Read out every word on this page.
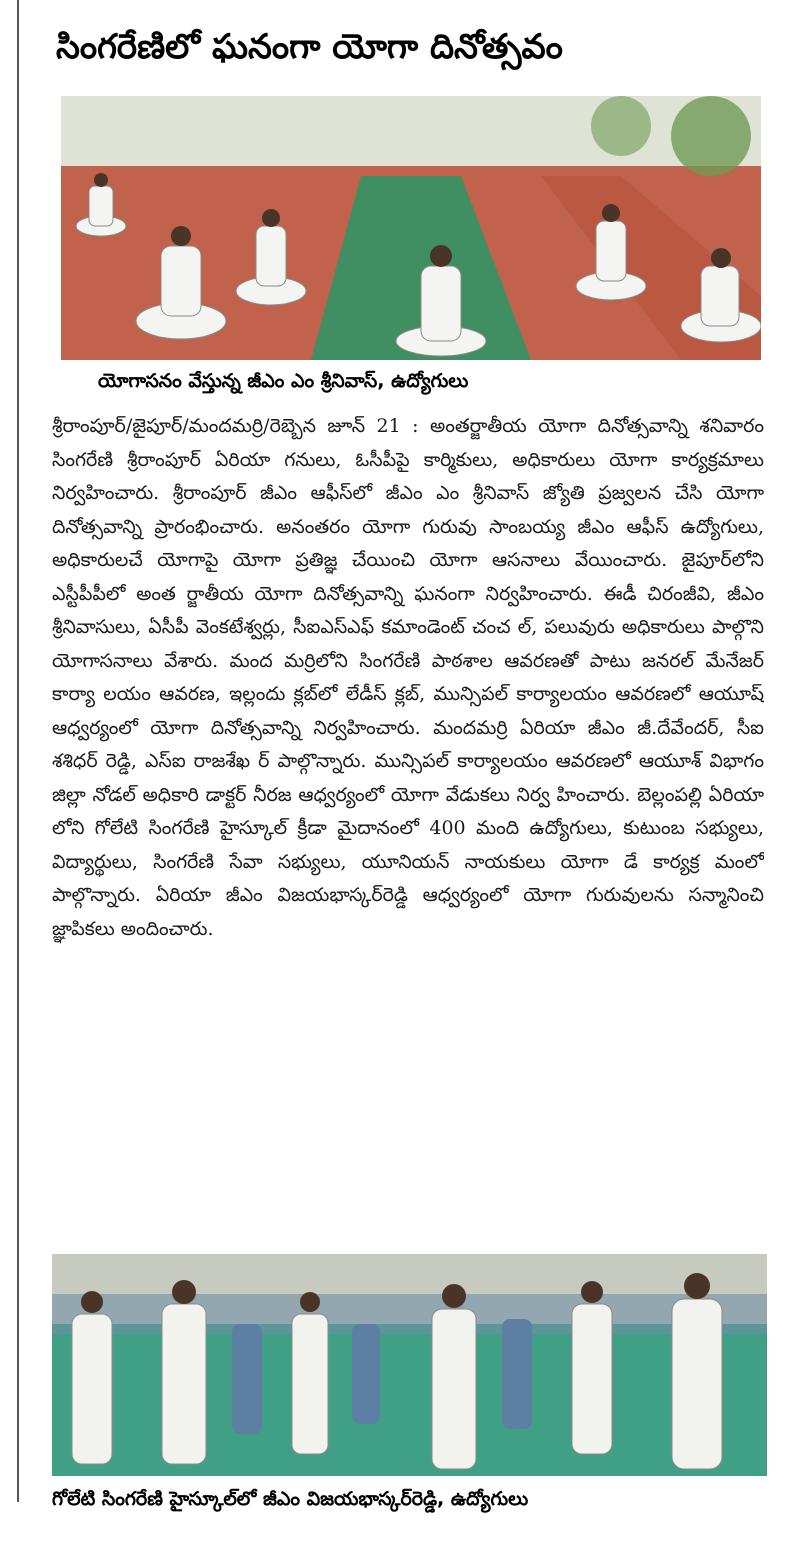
సింగరేణిలో ఘనంగా యోగా దినోత్సవం
యోగాసనం వేస్తున్న జీఎం ఎం శ్రీనివాస్, ఉద్యోగులు

శ్రీరాంపూర్/జైపూర్/మందమర్రి/రెబ్బెన జూన్ 21 : అంతర్జాతీయ యోగా దినోత్సవాన్ని శనివారం సింగరేణి శ్రీరాంపూర్ ఏరియా గనులు, ఓసీపీపై కార్మికులు, అధికారులు యోగా కార్యక్రమాలు నిర్వహించారు. శ్రీరాంపూర్ జీఎం ఆఫీస్‌లో జీఎం ఎం శ్రీనివాస్ జ్యోతి ప్రజ్వలన చేసి యోగా దినోత్సవాన్ని ప్రారంభించారు. అనంతరం యోగా గురువు సాంబయ్య జీఎం ఆఫీస్ ఉద్యోగులు, అధికారులచే యోగాపై యోగా ప్రతిజ్ఞ చేయించి యోగా ఆసనాలు వేయించారు. జైపూర్‌లోని ఎస్టీపీపీలో అంత ర్జాతీయ యోగా దినోత్సవాన్ని ఘనంగా నిర్వహించారు. ఈడీ చిరంజీవి, జీఎం శ్రీనివాసులు, ఏసీపీ వెంకటేశ్వర్లు, సీఐఎస్ఎఫ్ కమాండెంట్ చంచ ల్, పలువురు అధికారులు పాల్గొని యోగాసనాలు వేశారు. మంద మర్రిలోని సింగరేణి పాఠశాల ఆవరణతో పాటు జనరల్ మేనేజర్ కార్యా లయం ఆవరణ, ఇల్లందు క్లబ్‌లో లేడీస్ క్లబ్, మున్సిపల్ కార్యాలయం ఆవరణలో ఆయూష్ ఆధ్వర్యంలో యోగా దినోత్సవాన్ని నిర్వహించారు. మందమర్రి ఏరియా జీఎం జీ.దేవేందర్, సీఐ శశిధర్ రెడ్డి, ఎస్ఐ రాజశేఖ ర్ పాల్గొన్నారు. మున్సిపల్ కార్యాలయం ఆవరణలో ఆయూశ్ విభాగం జిల్లా నోడల్ అధికారి డాక్టర్ నీరజ ఆధ్వర్యంలో యోగా వేడుకలు నిర్వ హించారు. బెల్లంపల్లి ఏరియా లోని గోలేటి సింగరేణి హైస్కూల్ క్రీడా మైదానంలో 400 మంది ఉద్యోగులు, కుటుంబ సభ్యులు, విద్యార్థులు, సింగరేణి సేవా సభ్యులు, యూనియన్ నాయకులు యోగా డే కార్యక్ర మంలో పాల్గొన్నారు. ఏరియా జీఎం విజయభాస్కర్‌రెడ్డి ఆధ్వర్యంలో యోగా గురువులను సన్మానించి జ్ఞాపికలు అందించారు.

గోలేటి సింగరేణి హైస్కూల్‌లో జీఎం విజయభాస్కర్‌రెడ్డి, ఉద్యోగులు
